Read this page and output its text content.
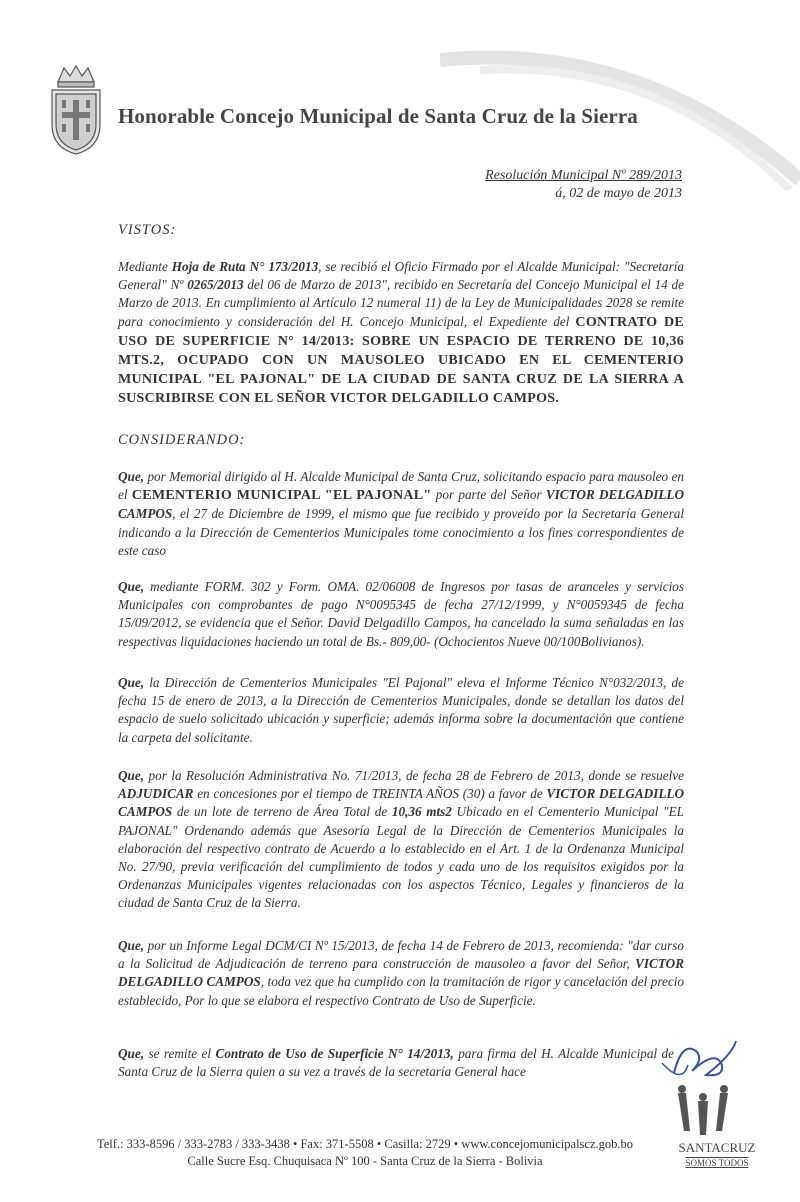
Honorable Concejo Municipal de Santa Cruz de la Sierra
Resolución Municipal Nº 289/2013
á, 02 de mayo de 2013
VISTOS:
Mediante Hoja de Ruta N° 173/2013, se recibió el Oficio Firmado por el Alcalde Municipal: "Secretaría General" Nº 0265/2013 del 06 de Marzo de 2013", recibido en Secretaría del Concejo Municipal el 14 de Marzo de 2013. En cumplimiento al Artículo 12 numeral 11) de la Ley de Municipalidades 2028 se remite para conocimiento y consideración del H. Concejo Municipal, el Expediente del CONTRATO DE USO DE SUPERFICIE N° 14/2013: SOBRE UN ESPACIO DE TERRENO DE 10,36 MTS.2, OCUPADO CON UN MAUSOLEO UBICADO EN EL CEMENTERIO MUNICIPAL "EL PAJONAL" DE LA CIUDAD DE SANTA CRUZ DE LA SIERRA A SUSCRIBIRSE CON EL SEÑOR VICTOR DELGADILLO CAMPOS.
CONSIDERANDO:
Que, por Memorial dirigido al H. Alcalde Municipal de Santa Cruz, solicitando espacio para mausoleo en el CEMENTERIO MUNICIPAL "EL PAJONAL" por parte del Señor VICTOR DELGADILLO CAMPOS, el 27 de Diciembre de 1999, el mismo que fue recibido y proveído por la Secretaría General indicando a la Dirección de Cementerios Municipales tome conocimiento a los fines correspondientes de este caso
Que, mediante FORM. 302 y Form. OMA. 02/06008 de Ingresos por tasas de aranceles y servicios Municipales con comprobantes de pago N°0095345 de fecha 27/12/1999, y N°0059345 de fecha 15/09/2012, se evidencia que el Señor. David Delgadillo Campos, ha cancelado la suma señaladas en las respectivas liquidaciones haciendo un total de Bs.- 809,00- (Ochocientos Nueve 00/100Bolivianos).
Que, la Dirección de Cementerios Municipales "El Pajonal" eleva el Informe Técnico N°032/2013, de fecha 15 de enero de 2013, a la Dirección de Cementerios Municipales, donde se detallan los datos del espacio de suelo solicitado ubicación y superficie; además informa sobre la documentación que contiene la carpeta del solicitante.
Que, por la Resolución Administrativa No. 71/2013, de fecha 28 de Febrero de 2013, donde se resuelve ADJUDICAR en concesiones por el tiempo de TREINTA AÑOS (30) a favor de VICTOR DELGADILLO CAMPOS de un lote de terreno de Área Total de 10,36 mts2 Ubicado en el Cementerio Municipal "EL PAJONAL" Ordenando además que Asesoría Legal de la Dirección de Cementerios Municipales la elaboración del respectivo contrato de Acuerdo a lo establecido en el Art. 1 de la Ordenanza Municipal No. 27/90, previa verificación del cumplimiento de todos y cada uno de los requisitos exigidos por la Ordenanzas Municipales vigentes relacionadas con los aspectos Técnico, Legales y financieros de la ciudad de Santa Cruz de la Sierra.
Que, por un Informe Legal DCM/CI Nº 15/2013, de fecha 14 de Febrero de 2013, recomienda: "dar curso a la Solicitud de Adjudicación de terreno para construcción de mausoleo a favor del Señor, VICTOR DELGADILLO CAMPOS, toda vez que ha cumplido con la tramitación de rigor y cancelación del precio establecido, Por lo que se elabora el respectivo Contrato de Uso de Superficie.
Que, se remite el Contrato de Uso de Superficie N° 14/2013, para firma del H. Alcalde Municipal de Santa Cruz de la Sierra quien a su vez a través de la secretaría General hace
SANTACRUZ
SOMOS TODOS
Telf.: 333-8596 / 333-2783 / 333-3438 • Fax: 371-5508 • Casilla: 2729 • www.concejomunicipalscz.gob.bo
Calle Sucre Esq. Chuquisaca Nº 100 - Santa Cruz de la Sierra - Bolivia
